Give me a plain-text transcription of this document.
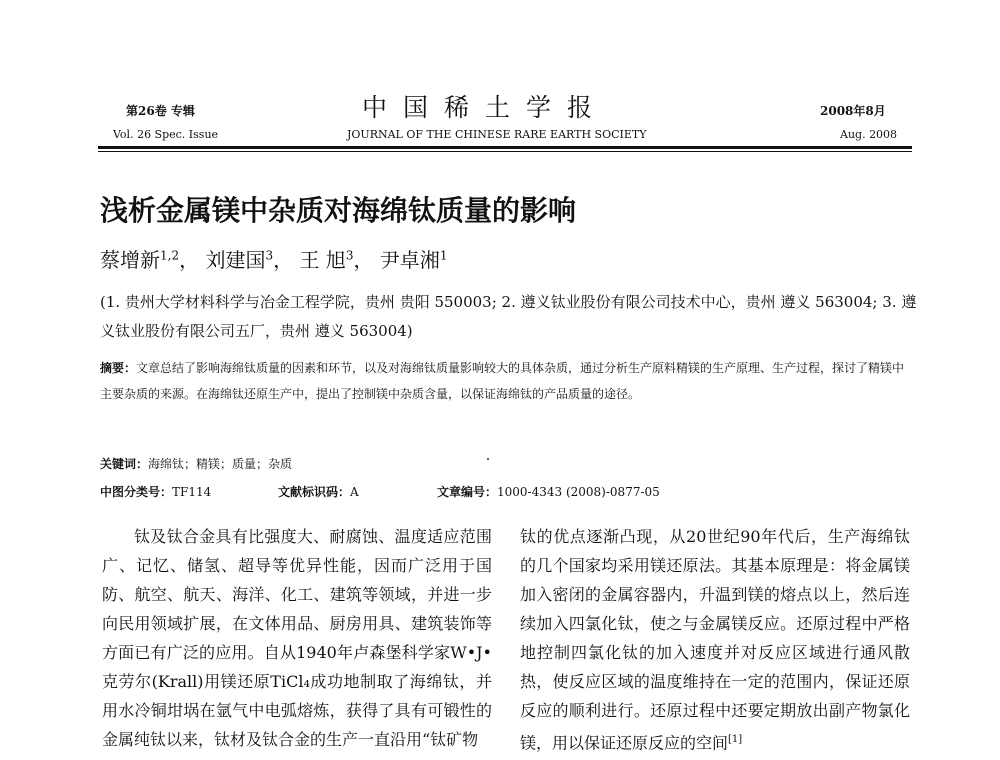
第26卷 专辑
Vol. 26 Spec. Issue
中国稀土学报
JOURNAL OF THE CHINESE RARE EARTH SOCIETY
2008年8月
Aug. 2008
浅析金属镁中杂质对海绵钛质量的影响
蔡增新$^{1,2}$， 刘建国$^3$， 王 旭$^3$， 尹卓湘$^1$
(1. 贵州大学材料科学与冶金工程学院，贵州 贵阳 550003; 2. 遵义钛业股份有限公司技术中心，贵州 遵义 563004; 3. 遵义钛业股份有限公司五厂，贵州 遵义 563004)
摘要：文章总结了影响海绵钛质量的因素和环节，以及对海绵钛质量影响较大的具体杂质，通过分析生产原料精镁的生产原理、生产过程，探讨了精镁中主要杂质的来源。在海绵钛还原生产中，提出了控制镁中杂质含量，以保证海绵钛的产品质量的途径。
关键词：海绵钛；精镁；质量；杂质
中图分类号：TF114	文献标识码：A	文章编号：1000-4343 (2008)-0877-05

钛及钛合金具有比强度大、耐腐蚀、温度适应范围广、记忆、储氢、超导等优异性能，因而广泛用于国防、航空、航天、海洋、化工、建筑等领域，并进一步向民用领域扩展，在文体用品、厨房用具、建筑装饰等方面已有广泛的应用。自从1940年卢森堡科学家W•J•克劳尔(Krall)用镁还原TiCl₄成功地制取了海绵钛，并用水冷铜坩埚在氩气中电弧熔炼，获得了具有可锻性的金属纯钛以来，钛材及钛合金的生产一直沿用“钛矿物

钛的优点逐渐凸现，从20世纪90年代后，生产海绵钛的几个国家均采用镁还原法。其基本原理是：将金属镁加入密闭的金属容器内，升温到镁的熔点以上，然后连续加入四氯化钛，使之与金属镁反应。还原过程中严格地控制四氯化钛的加入速度并对反应区域进行通风散热，使反应区域的温度维持在一定的范围内，保证还原反应的顺利进行。还原过程中还要定期放出副产物氯化镁，用以保证还原反应的空间[1]
